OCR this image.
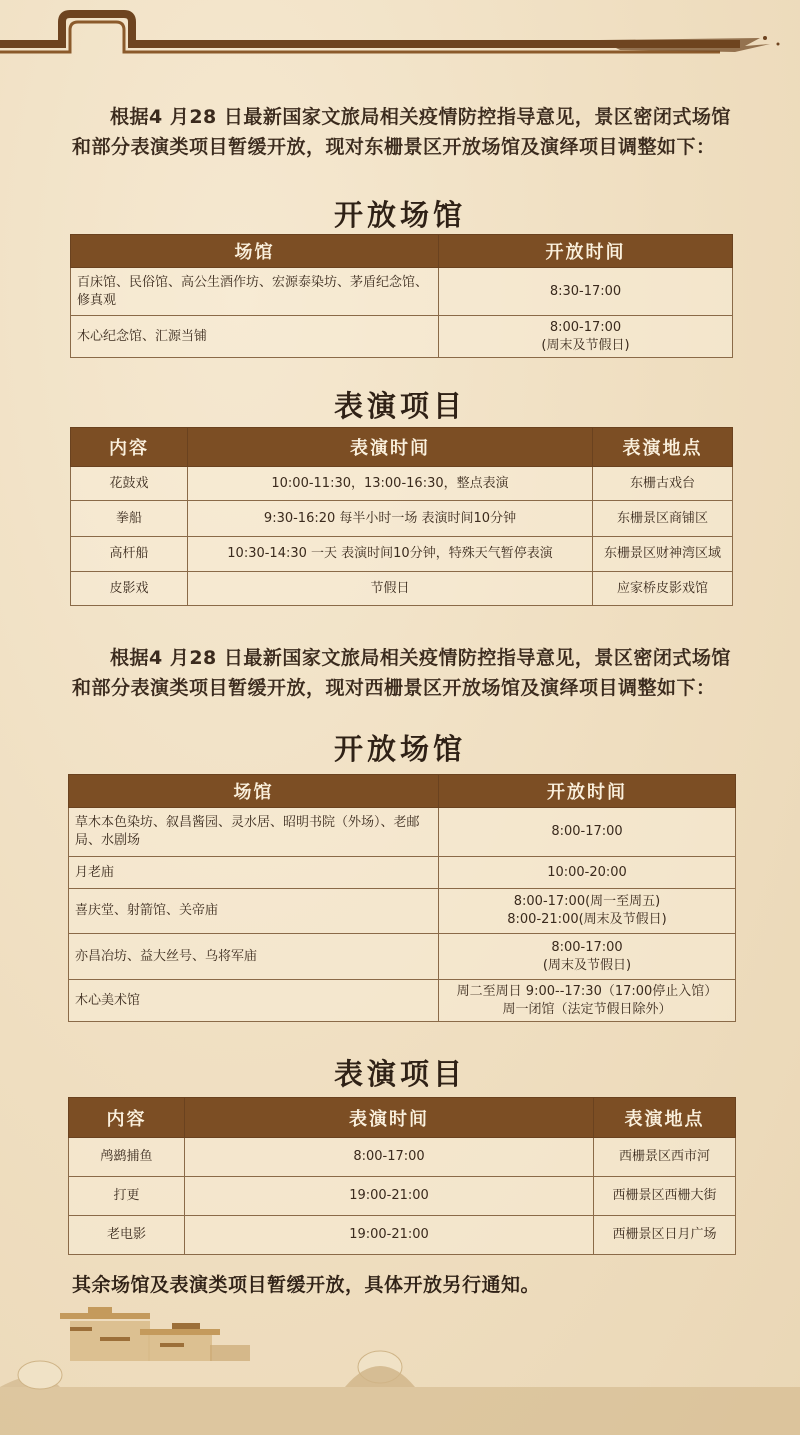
根据4 月28 日最新国家文旅局相关疫情防控指导意见，景区密闭式场馆和部分表演类项目暂缓开放，现对东栅景区开放场馆及演绎项目调整如下：
开放场馆
场馆	开放时间
百床馆、民俗馆、高公生酒作坊、宏源泰染坊、茅盾纪念馆、修真观	8:30-17:00
木心纪念馆、汇源当铺	8:00-17:00
(周末及节假日)
表演项目
内容	表演时间	表演地点
花鼓戏	10:00-11:30，13:00-16:30，整点表演	东栅古戏台
拳船	9:30-16:20 每半小时一场 表演时间10分钟	东栅景区商铺区
高杆船	10:30-14:30 一天 表演时间10分钟，特殊天气暂停表演	东栅景区财神湾区域
皮影戏	节假日	应家桥皮影戏馆
根据4 月28 日最新国家文旅局相关疫情防控指导意见，景区密闭式场馆和部分表演类项目暂缓开放，现对西栅景区开放场馆及演绎项目调整如下：
开放场馆
场馆	开放时间
草木本色染坊、叙昌酱园、灵水居、昭明书院（外场）、老邮局、水剧场	8:00-17:00
月老庙	10:00-20:00
喜庆堂、射箭馆、关帝庙	8:00-17:00(周一至周五)
8:00-21:00(周末及节假日)

亦昌冶坊、益大丝号、乌将军庙	8:00-17:00
(周末及节假日)

木心美术馆	周二至周日 9:00--17:30（17:00停止入馆）
周一闭馆（法定节假日除外）
表演项目
内容	表演时间	表演地点
鸬鹚捕鱼	8:00-17:00	西栅景区西市河
打更	19:00-21:00	西栅景区西栅大街
老电影	19:00-21:00	西栅景区日月广场
其余场馆及表演类项目暂缓开放，具体开放另行通知。
